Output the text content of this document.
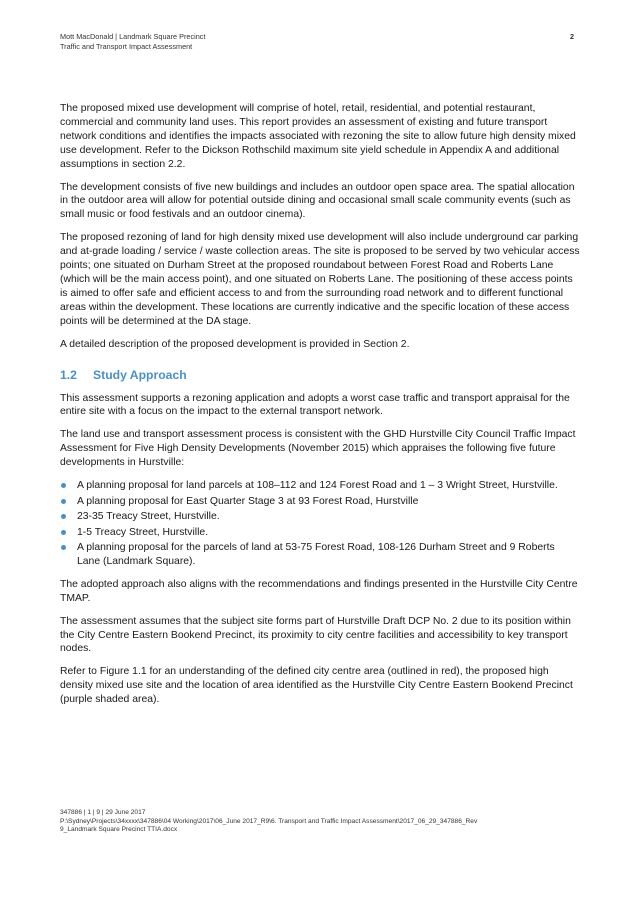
Mott MacDonald | Landmark Square Precinct
Traffic and Transport Impact Assessment
2

The proposed mixed use development will comprise of hotel, retail, residential, and potential restaurant, commercial and community land uses. This report provides an assessment of existing and future transport network conditions and identifies the impacts associated with rezoning the site to allow future high density mixed use development. Refer to the Dickson Rothschild maximum site yield schedule in Appendix A and additional assumptions in section 2.2.

The development consists of five new buildings and includes an outdoor open space area. The spatial allocation in the outdoor area will allow for potential outside dining and occasional small scale community events (such as small music or food festivals and an outdoor cinema).

The proposed rezoning of land for high density mixed use development will also include underground car parking and at-grade loading / service / waste collection areas. The site is proposed to be served by two vehicular access points; one situated on Durham Street at the proposed roundabout between Forest Road and Roberts Lane (which will be the main access point), and one situated on Roberts Lane. The positioning of these access points is aimed to offer safe and efficient access to and from the surrounding road network and to different functional areas within the development. These locations are currently indicative and the specific location of these access points will be determined at the DA stage.

A detailed description of the proposed development is provided in Section 2.

1.2 Study Approach

This assessment supports a rezoning application and adopts a worst case traffic and transport appraisal for the entire site with a focus on the impact to the external transport network.

The land use and transport assessment process is consistent with the GHD Hurstville City Council Traffic Impact Assessment for Five High Density Developments (November 2015) which appraises the following five future developments in Hurstville:

A planning proposal for land parcels at 108–112 and 124 Forest Road and 1 – 3 Wright Street, Hurstville.
A planning proposal for East Quarter Stage 3 at 93 Forest Road, Hurstville
23-35 Treacy Street, Hurstville.
1-5 Treacy Street, Hurstville.
A planning proposal for the parcels of land at 53-75 Forest Road, 108-126 Durham Street and 9 Roberts Lane (Landmark Square).

The adopted approach also aligns with the recommendations and findings presented in the Hurstville City Centre TMAP.

The assessment assumes that the subject site forms part of Hurstville Draft DCP No. 2 due to its position within the City Centre Eastern Bookend Precinct, its proximity to city centre facilities and accessibility to key transport nodes.

Refer to Figure 1.1 for an understanding of the defined city centre area (outlined in red), the proposed high density mixed use site and the location of area identified as the Hurstville City Centre Eastern Bookend Precinct (purple shaded area).

347886 | 1 | 9 | 29 June 2017
P:\Sydney\Projects\34xxxx\347886\04 Working\2017\06_June 2017_R9\6. Transport and Traffic Impact Assessment\2017_06_29_347886_Rev
9_Landmark Square Precinct TTIA.docx
